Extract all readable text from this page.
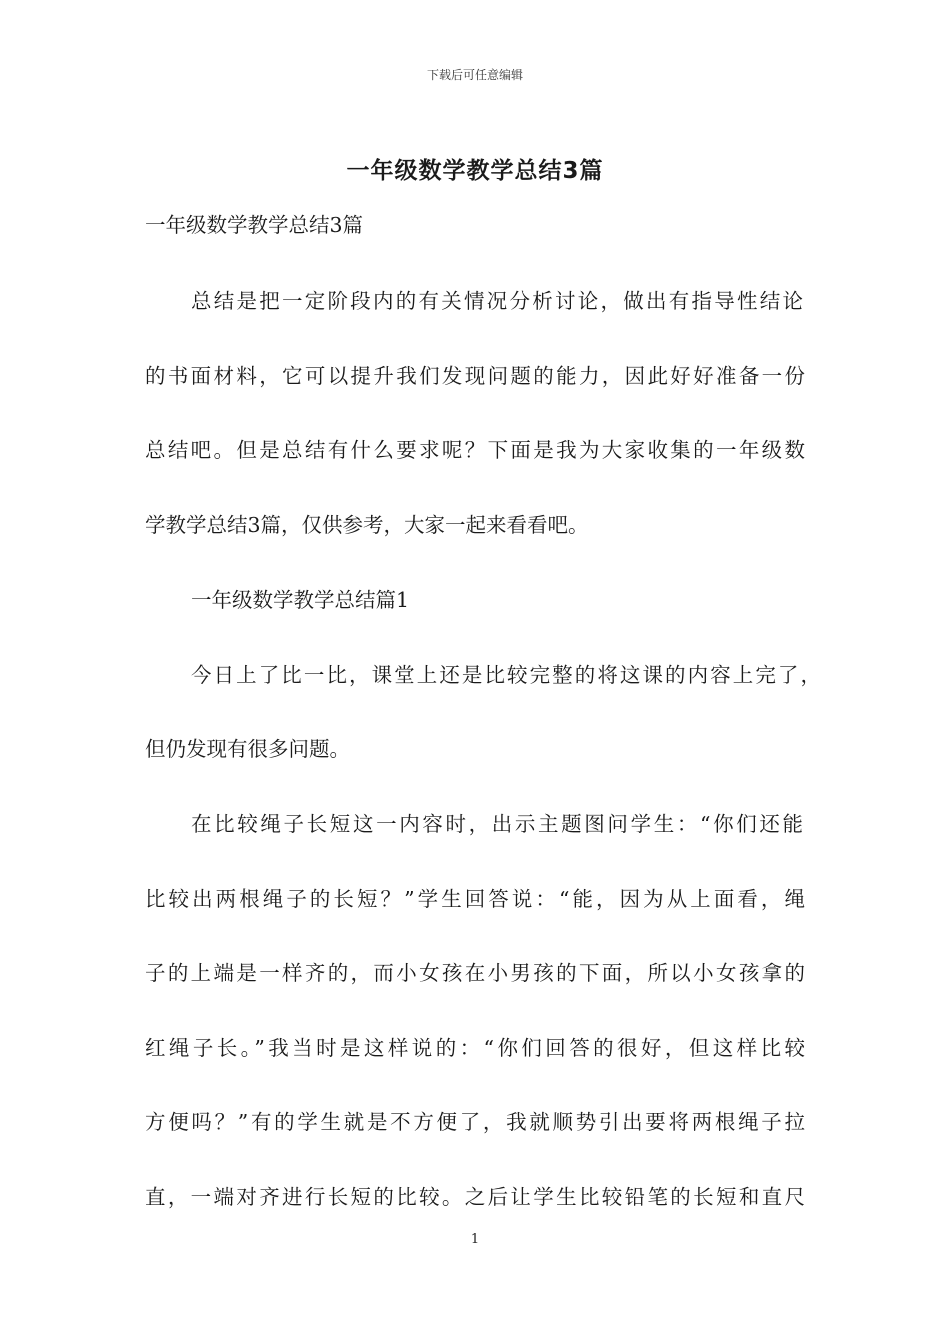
下载后可任意编辑
一年级数学教学总结3篇
一年级数学教学总结3篇
总结是把一定阶段内的有关情况分析讨论，做出有指导性结论
的书面材料，它可以提升我们发现问题的能力，因此好好准备一份
总结吧。但是总结有什么要求呢？下面是我为大家收集的一年级数
学教学总结3篇，仅供参考，大家一起来看看吧。
一年级数学教学总结篇1
今日上了比一比，课堂上还是比较完整的将这课的内容上完了，
但仍发现有很多问题。
在比较绳子长短这一内容时，出示主题图问学生：“你们还能
比较出两根绳子的长短？”学生回答说：“能，因为从上面看，绳
子的上端是一样齐的，而小女孩在小男孩的下面，所以小女孩拿的
红绳子长。”我当时是这样说的：“你们回答的很好，但这样比较
方便吗？”有的学生就是不方便了，我就顺势引出要将两根绳子拉
直，一端对齐进行长短的比较。之后让学生比较铅笔的长短和直尺
1
